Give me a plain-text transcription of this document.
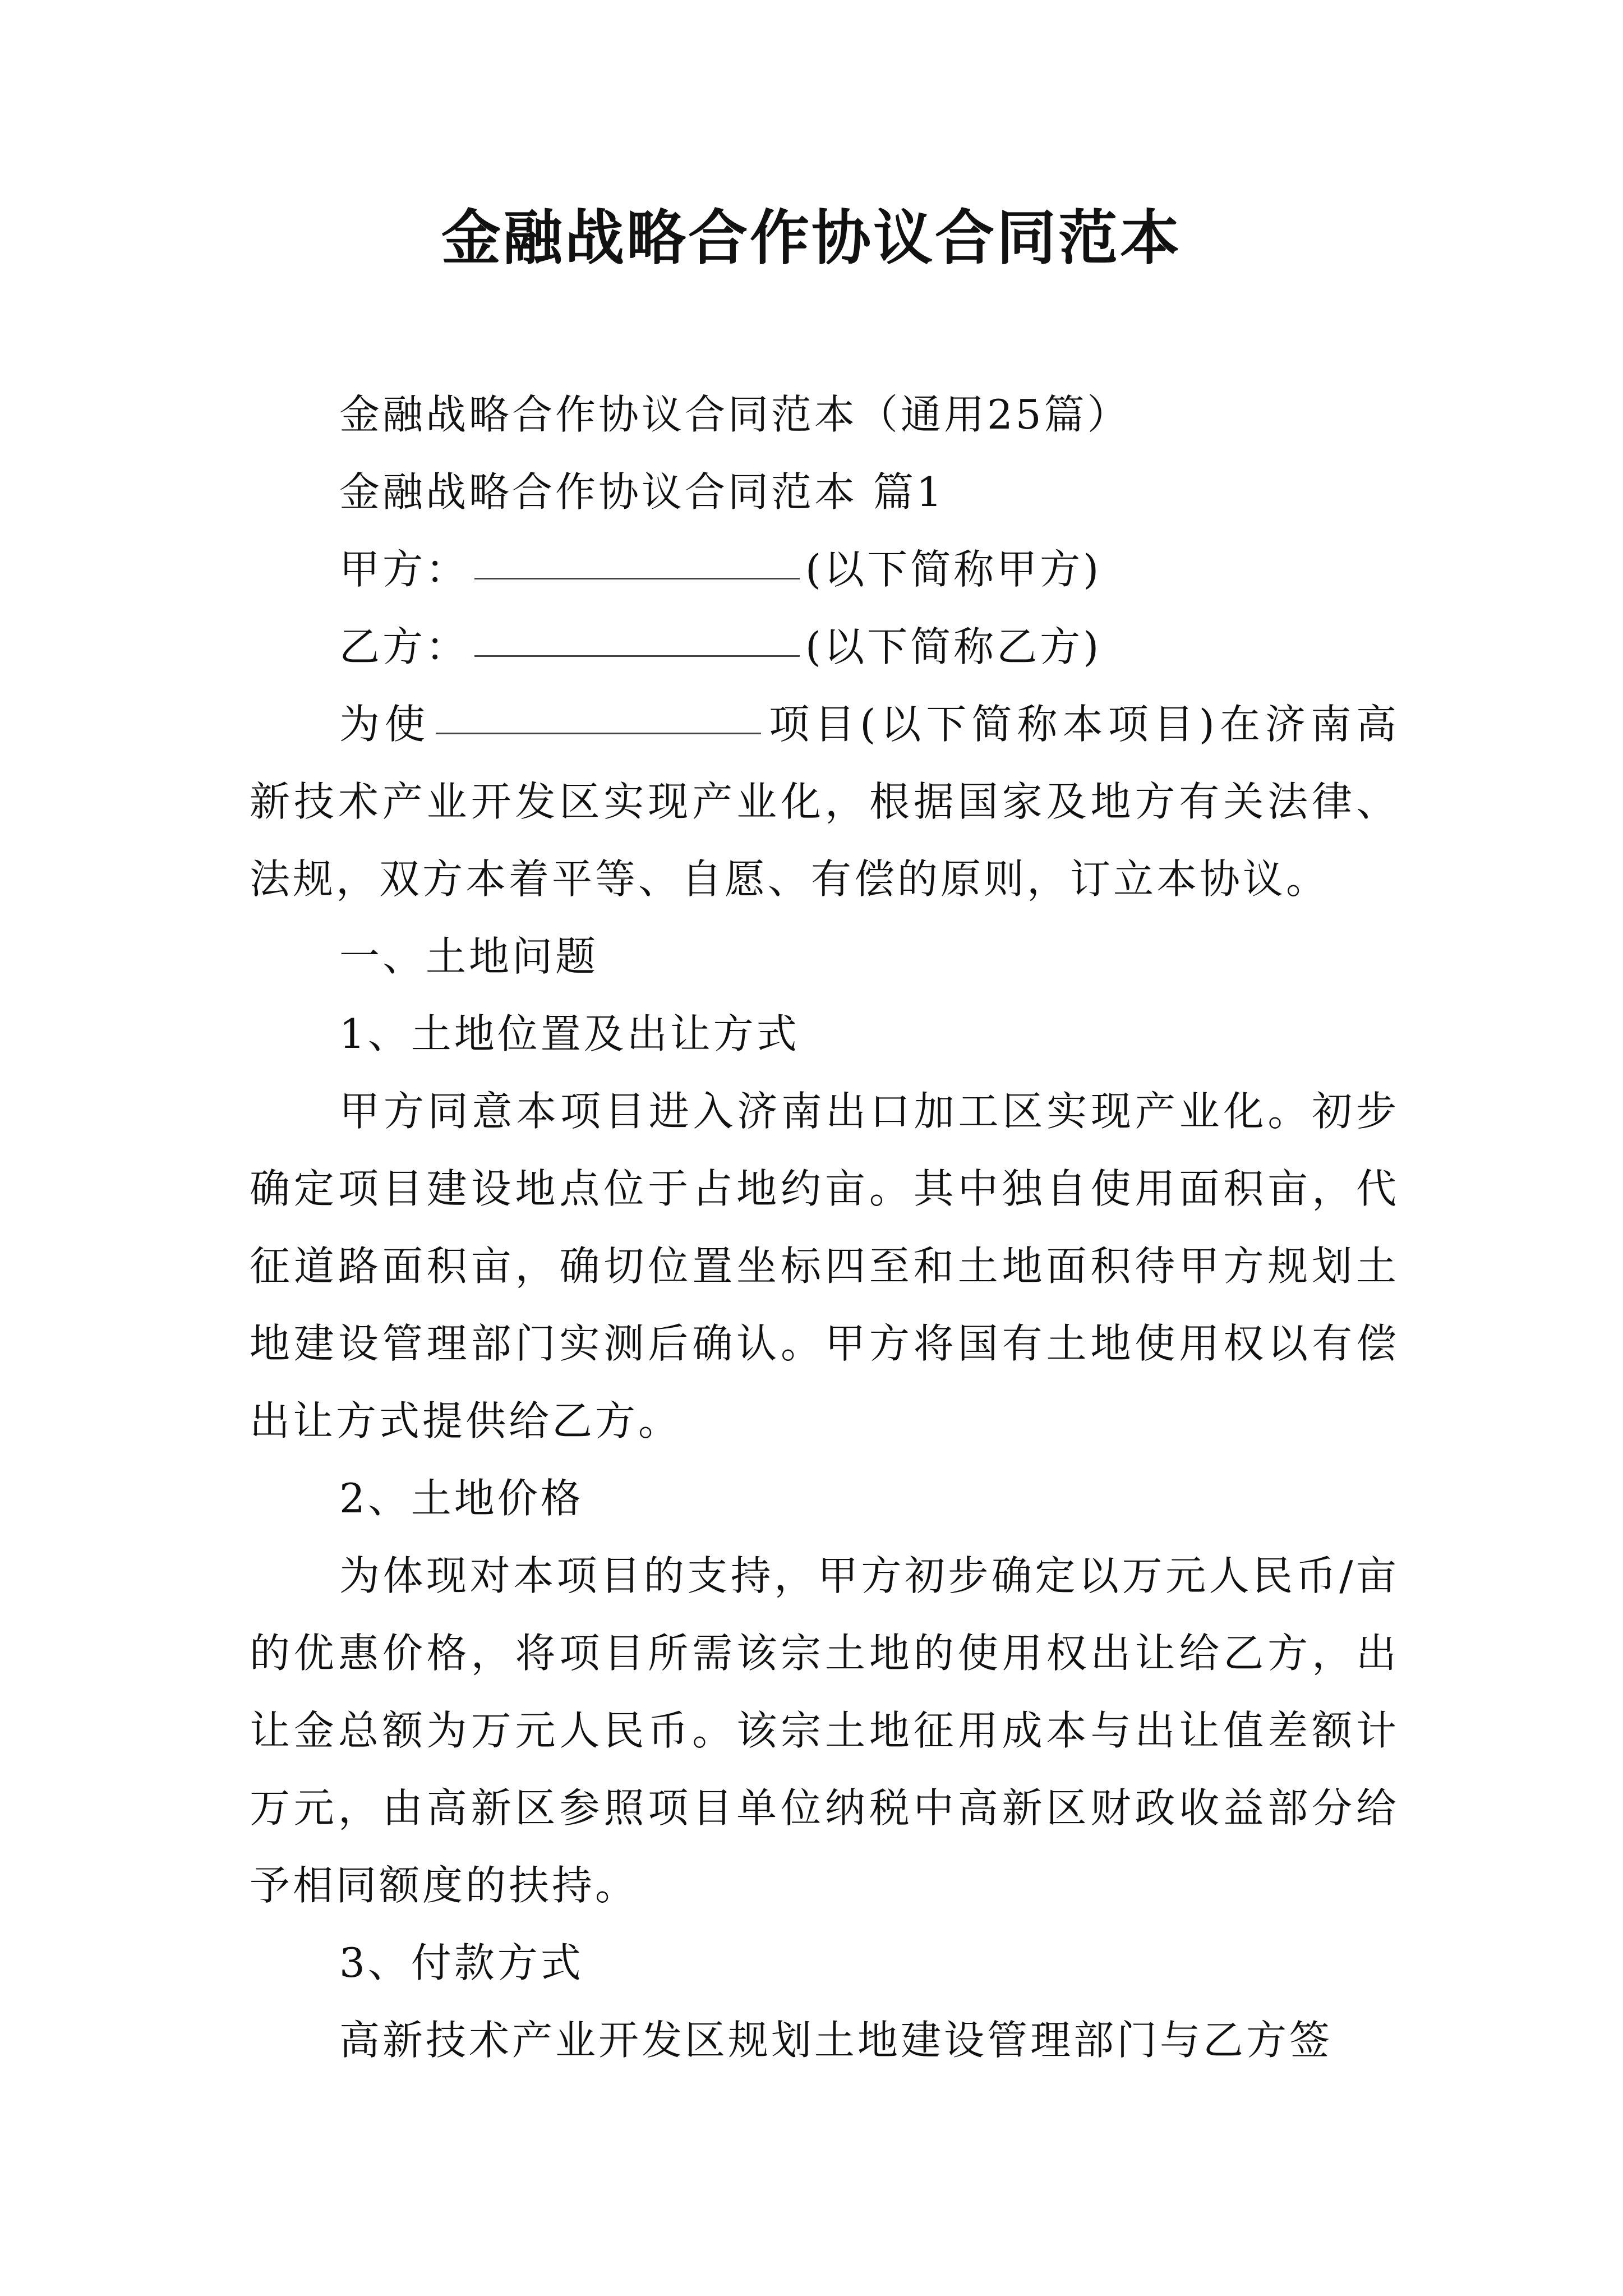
金融战略合作协议合同范本

金融战略合作协议合同范本（通用25篇）

金融战略合作协议合同范本 篇1

甲方：	(以下简称甲方)

乙方：	(以下简称乙方)

为使	项目(以下简称本项目)在济南高新技术产业开发区实现产业化，根据国家及地方有关法律、法规，双方本着平等、自愿、有偿的原则，订立本协议。

一、土地问题

1、土地位置及出让方式

甲方同意本项目进入济南出口加工区实现产业化。初步确定项目建设地点位于占地约亩。其中独自使用面积亩，代征道路面积亩，确切位置坐标四至和土地面积待甲方规划土地建设管理部门实测后确认。甲方将国有土地使用权以有偿出让方式提供给乙方。

2、土地价格

为体现对本项目的支持，甲方初步确定以万元人民币/亩的优惠价格，将项目所需该宗土地的使用权出让给乙方，出让金总额为万元人民币。该宗土地征用成本与出让值差额计万元，由高新区参照项目单位纳税中高新区财政收益部分给予相同额度的扶持。

3、付款方式

高新技术产业开发区规划土地建设管理部门与乙方签
